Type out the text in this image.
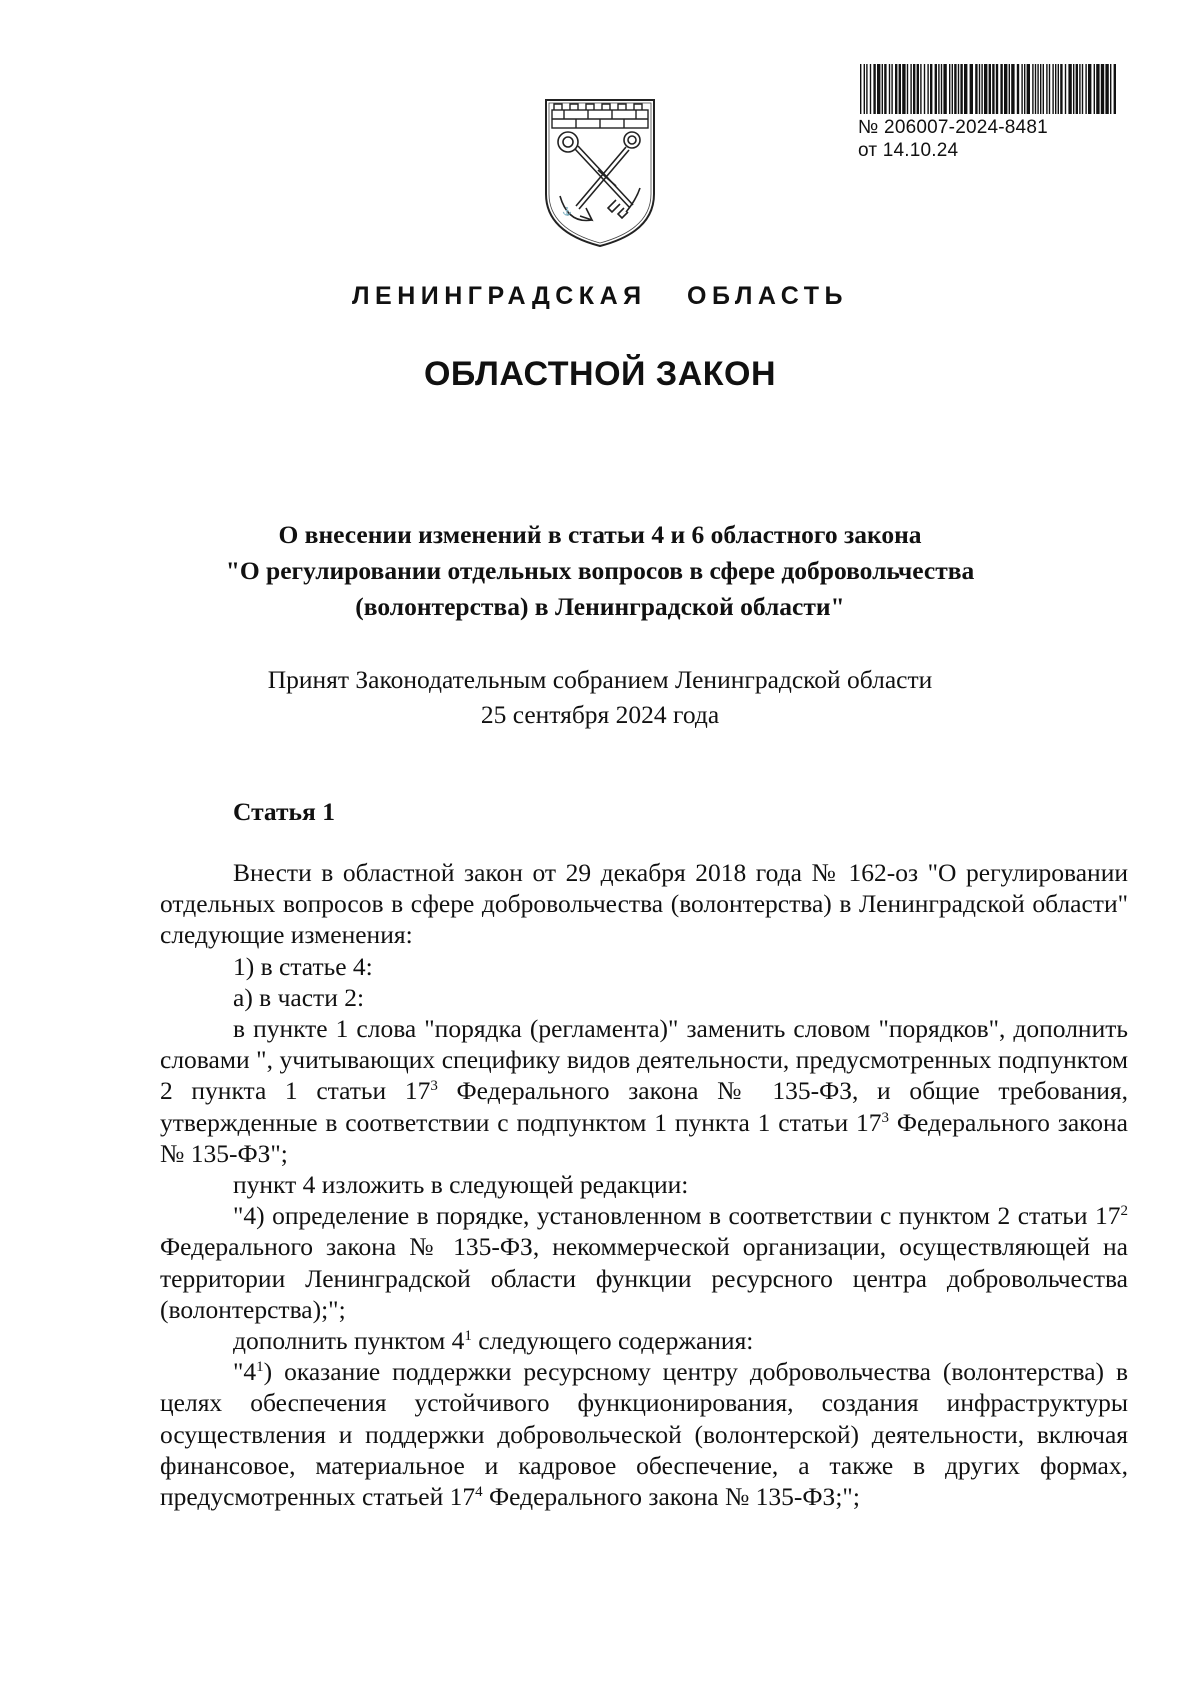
⚓
№ 206007-2024-8481
от 14.10.24
ЛЕНИНГРАДСКАЯ ОБЛАСТЬ
ОБЛАСТНОЙ ЗАКОН
О внесении изменений в статьи 4 и 6 областного закона
"О регулировании отдельных вопросов в сфере добровольчества
(волонтерства) в Ленинградской области"
Принят Законодательным собранием Ленинградской области
25 сентября 2024 года
Статья 1

Внести в областной закон от 29 декабря 2018 года № 162-оз "О регулировании отдельных вопросов в сфере добровольчества (волонтерства) в Ленинградской области" следующие изменения:

1) в статье 4:

а) в части 2:

в пункте 1 слова "порядка (регламента)" заменить словом "порядков", дополнить словами ", учитывающих специфику видов деятельности, предусмотренных подпунктом 2 пункта 1 статьи $17^3$ Федерального закона № 135-ФЗ, и общие требования, утвержденные в соответствии с подпунктом 1 пункта 1 статьи $17^3$ Федерального закона № 135-ФЗ";

пункт 4 изложить в следующей редакции:

"4) определение в порядке, установленном в соответствии с пунктом 2 статьи $17^2$ Федерального закона № 135-ФЗ, некоммерческой организации, осуществляющей на территории Ленинградской области функции ресурсного центра добровольчества (волонтерства);";

дополнить пунктом $4^1$ следующего содержания:

"$4^1$) оказание поддержки ресурсному центру добровольчества (волонтерства) в целях обеспечения устойчивого функционирования, создания инфраструктуры осуществления и поддержки добровольческой (волонтерской) деятельности, включая финансовое, материальное и кадровое обеспечение, а также в других формах, предусмотренных статьей $17^4$ Федерального закона № 135-ФЗ;";
